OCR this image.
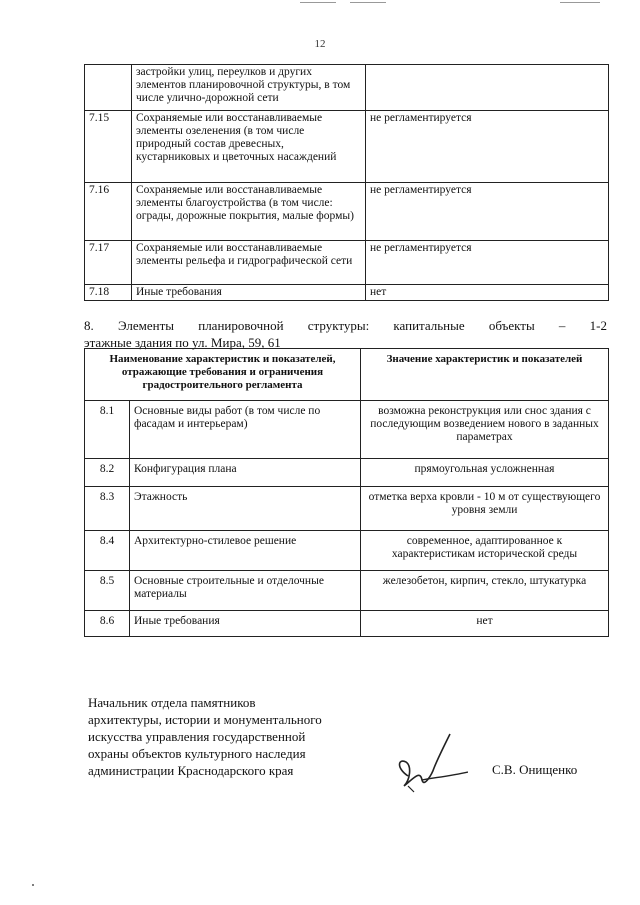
12
	застройки улиц, переулков и других элементов планировочной структуры, в том числе улично-дорожной сети	
7.15	Сохраняемые или восстанавливаемые элементы озеленения (в том числе природный состав древесных, кустарниковых и цветочных насаждений	не регламентируется
7.16	Сохраняемые или восстанавливаемые элементы благоустройства (в том числе: ограды, дорожные покрытия, малые формы)	не регламентируется
7.17	Сохраняемые или восстанавливаемые элементы рельефа и гидрографической сети	не регламентируется
7.18	Иные требования	нет
8. Элементы планировочной структуры: капитальные объекты – 1-2
этажные здания по ул. Мира, 59, 61
Наименование характеристик и показателей, отражающие требования и ограничения градостроительного регламента		Значение характеристик и показателей
8.1	Основные виды работ (в том числе по фасадам и интерьерам)	возможна реконструкция или снос здания с последующим возведением нового в заданных параметрах
8.2	Конфигурация плана	прямоугольная усложненная
8.3	Этажность	отметка верха кровли - 10 м от существующего уровня земли
8.4	Архитектурно-стилевое решение	современное, адаптированное к характеристикам исторической среды
8.5	Основные строительные и отделочные материалы	железобетон, кирпич, стекло, штукатурка
8.6	Иные требования	нет
Начальник отдела памятников
архитектуры, истории и монументального
искусства управления государственной
охраны объектов культурного наследия
администрации Краснодарского края	С.В. Онищенко
